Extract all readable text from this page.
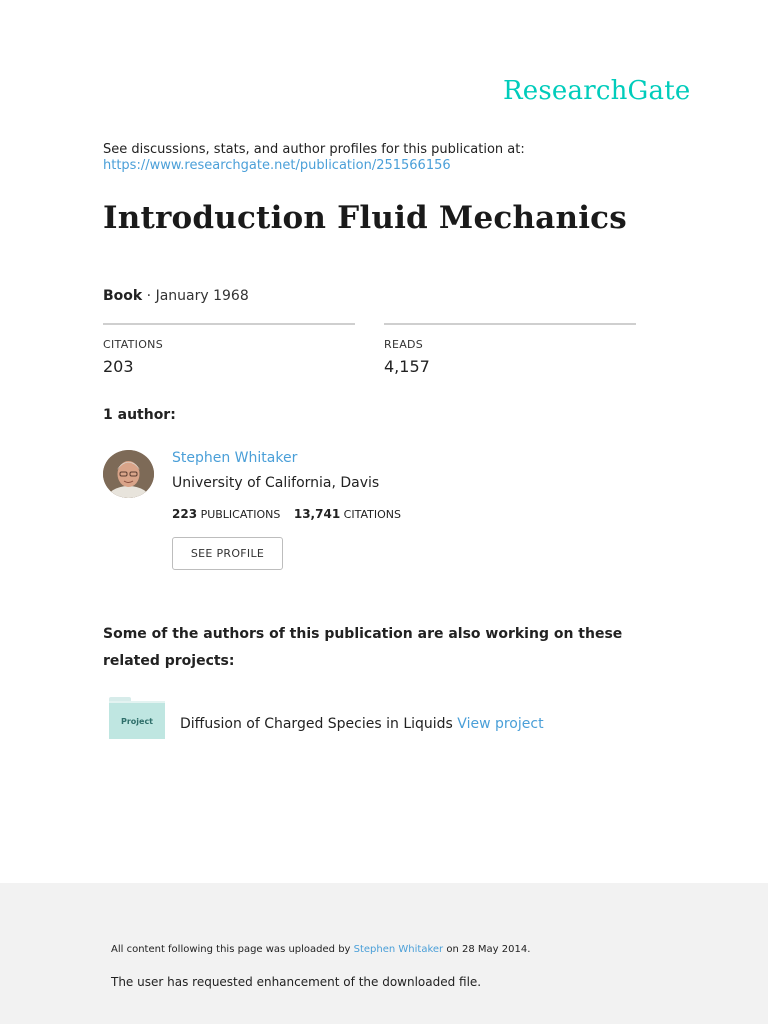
ResearchGate
See discussions, stats, and author profiles for this publication at:
https://www.researchgate.net/publication/251566156
Introduction Fluid Mechanics
Book · January 1968
CITATIONS
203
READS
4,157
1 author:
Stephen Whitaker
University of California, Davis
223 PUBLICATIONS 13,741 CITATIONS
SEE PROFILE
Some of the authors of this publication are also working on these related projects:
Project Diffusion of Charged Species in Liquids View project
All content following this page was uploaded by Stephen Whitaker on 28 May 2014.
The user has requested enhancement of the downloaded file.
